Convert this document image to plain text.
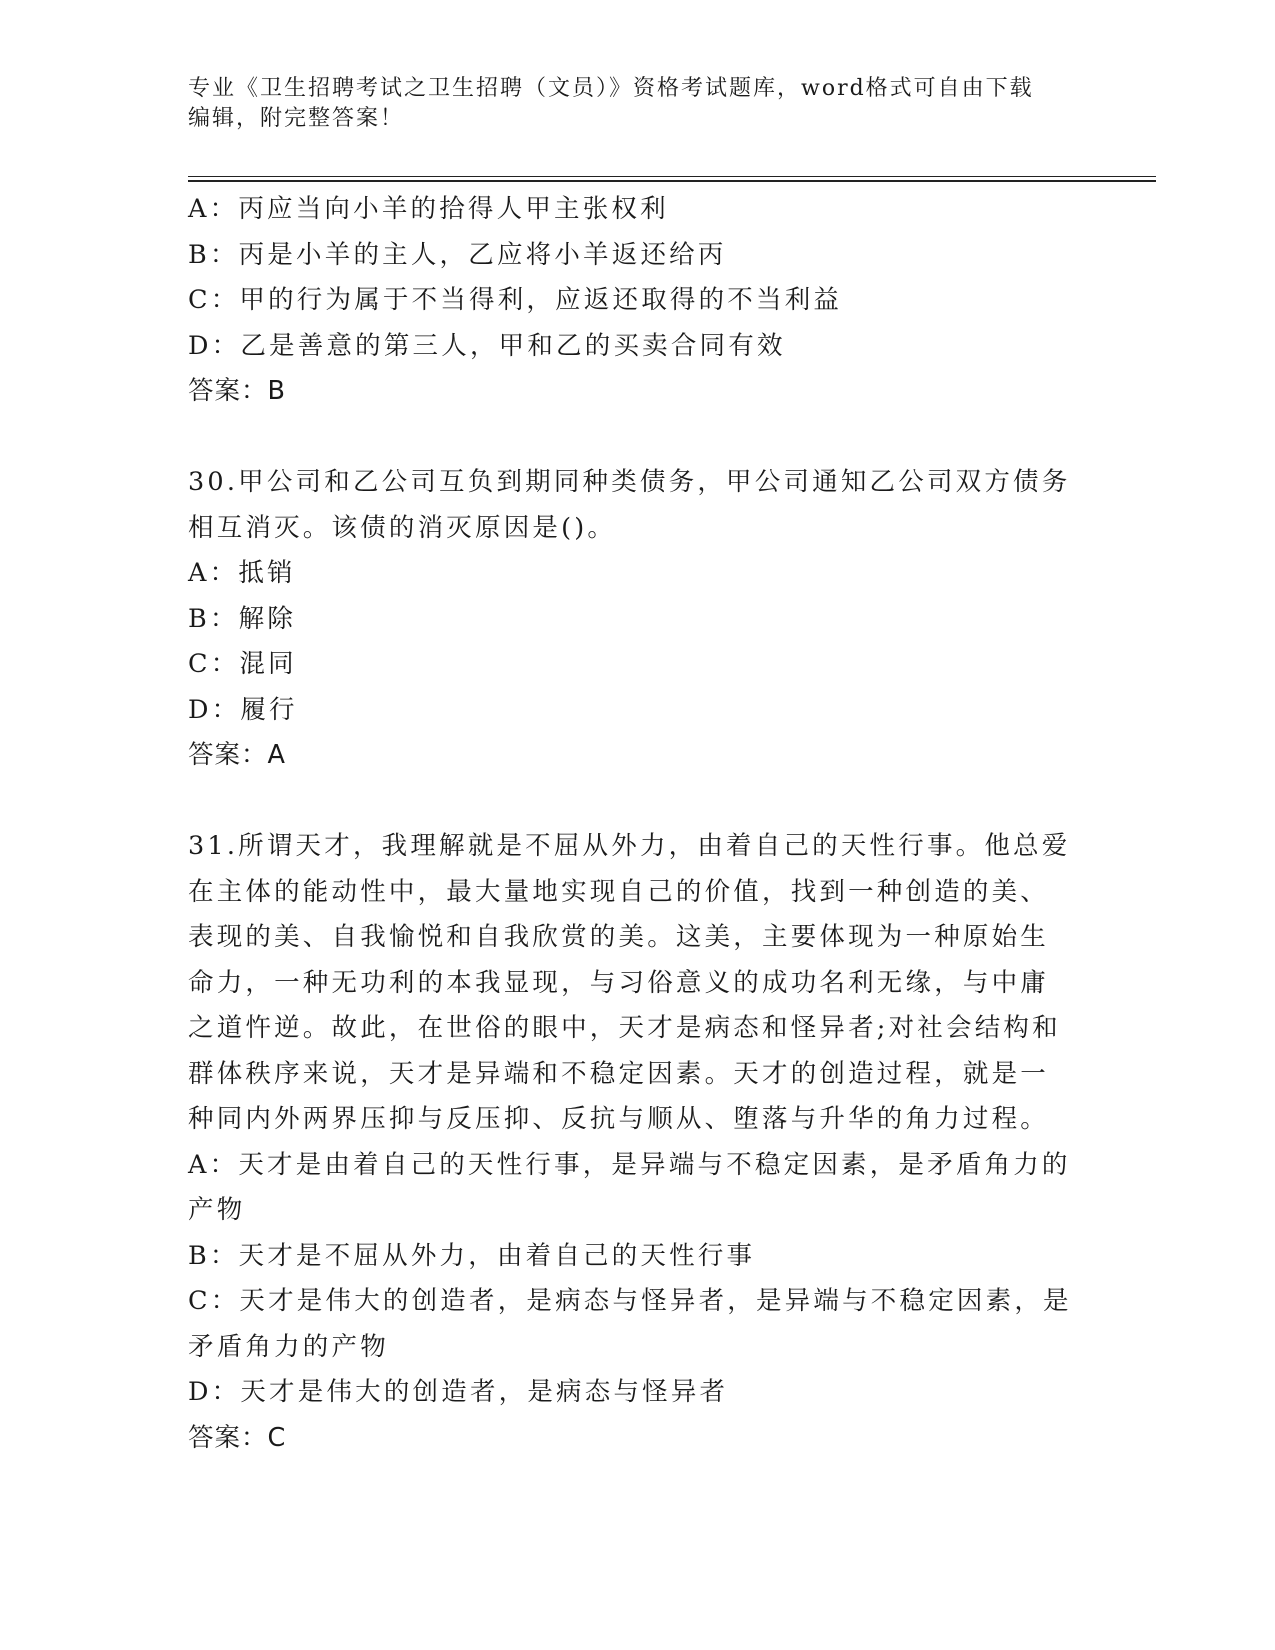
专业《卫生招聘考试之卫生招聘（文员）》资格考试题库，word格式可自由下载
编辑，附完整答案！
A：丙应当向小羊的拾得人甲主张权利
B：丙是小羊的主人，乙应将小羊返还给丙
C：甲的行为属于不当得利，应返还取得的不当利益
D：乙是善意的第三人，甲和乙的买卖合同有效
答案：B
30.甲公司和乙公司互负到期同种类债务，甲公司通知乙公司双方债务
相互消灭。该债的消灭原因是()。
A：抵销
B：解除
C：混同
D：履行
答案：A
31.所谓天才，我理解就是不屈从外力，由着自己的天性行事。他总爱
在主体的能动性中，最大量地实现自己的价值，找到一种创造的美、
表现的美、自我愉悦和自我欣赏的美。这美，主要体现为一种原始生
命力，一种无功利的本我显现，与习俗意义的成功名利无缘，与中庸
之道忤逆。故此，在世俗的眼中，天才是病态和怪异者;对社会结构和
群体秩序来说，天才是异端和不稳定因素。天才的创造过程，就是一
种同内外两界压抑与反压抑、反抗与顺从、堕落与升华的角力过程。
A：天才是由着自己的天性行事，是异端与不稳定因素，是矛盾角力的
产物
B：天才是不屈从外力，由着自己的天性行事
C：天才是伟大的创造者，是病态与怪异者，是异端与不稳定因素，是
矛盾角力的产物
D：天才是伟大的创造者，是病态与怪异者
答案：C
